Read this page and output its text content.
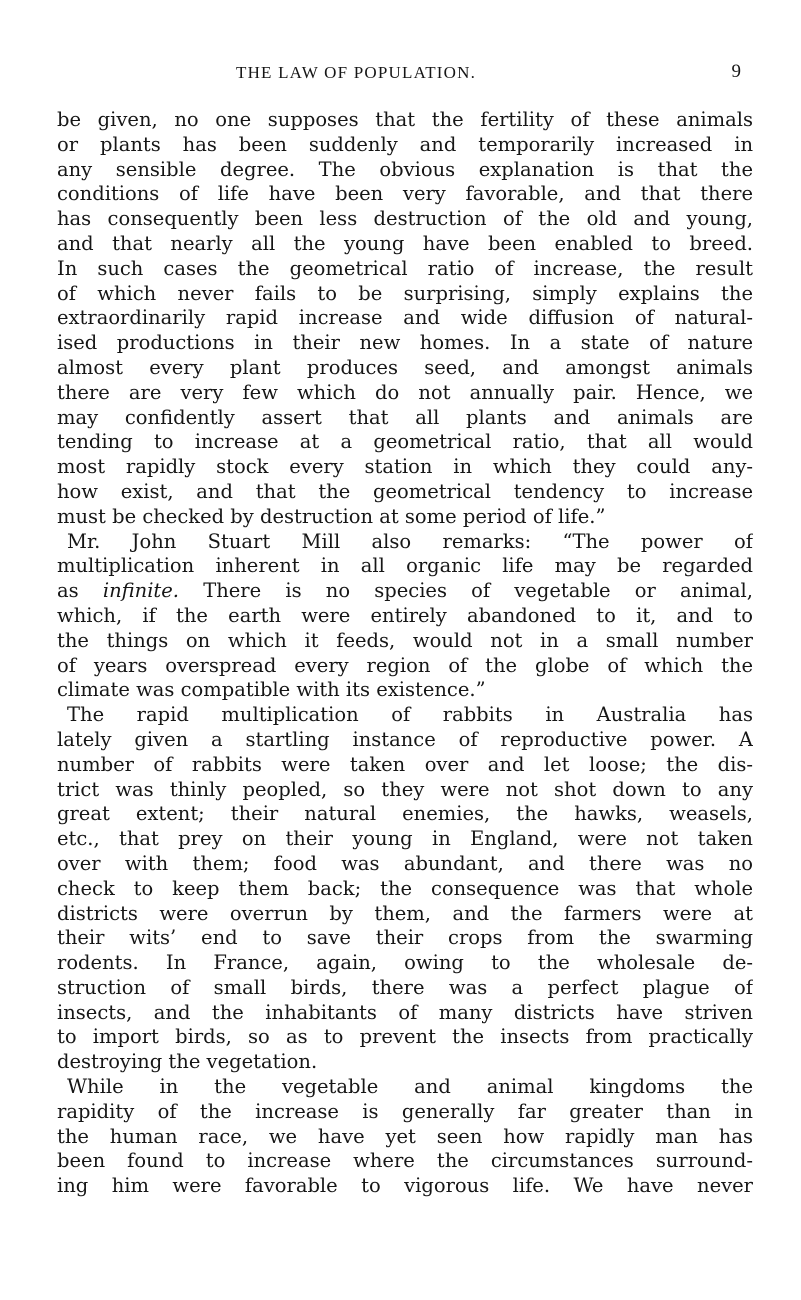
THE LAW OF POPULATION.	9
be given, no one supposes that the fertility of these animals
or plants has been suddenly and temporarily increased in
any sensible degree. The obvious explanation is that the
conditions of life have been very favorable, and that there
has consequently been less destruction of the old and young,
and that nearly all the young have been enabled to breed.
In such cases the geometrical ratio of increase, the result
of which never fails to be surprising, simply explains the
extraordinarily rapid increase and wide diffusion of natural-
ised productions in their new homes. In a state of nature
almost every plant produces seed, and amongst animals
there are very few which do not annually pair. Hence, we
may confidently assert that all plants and animals are
tending to increase at a geometrical ratio, that all would
most rapidly stock every station in which they could any-
how exist, and that the geometrical tendency to increase
must be checked by destruction at some period of life.”
Mr. John Stuart Mill also remarks: “The power of
multiplication inherent in all organic life may be regarded
as infinite. There is no species of vegetable or animal,
which, if the earth were entirely abandoned to it, and to
the things on which it feeds, would not in a small number
of years overspread every region of the globe of which the
climate was compatible with its existence.”
The rapid multiplication of rabbits in Australia has
lately given a startling instance of reproductive power. A
number of rabbits were taken over and let loose; the dis-
trict was thinly peopled, so they were not shot down to any
great extent; their natural enemies, the hawks, weasels,
etc., that prey on their young in England, were not taken
over with them; food was abundant, and there was no
check to keep them back; the consequence was that whole
districts were overrun by them, and the farmers were at
their wits’ end to save their crops from the swarming
rodents. In France, again, owing to the wholesale de-
struction of small birds, there was a perfect plague of
insects, and the inhabitants of many districts have striven
to import birds, so as to prevent the insects from practically
destroying the vegetation.
While in the vegetable and animal kingdoms the
rapidity of the increase is generally far greater than in
the human race, we have yet seen how rapidly man has
been found to increase where the circumstances surround-
ing him were favorable to vigorous life. We have never
